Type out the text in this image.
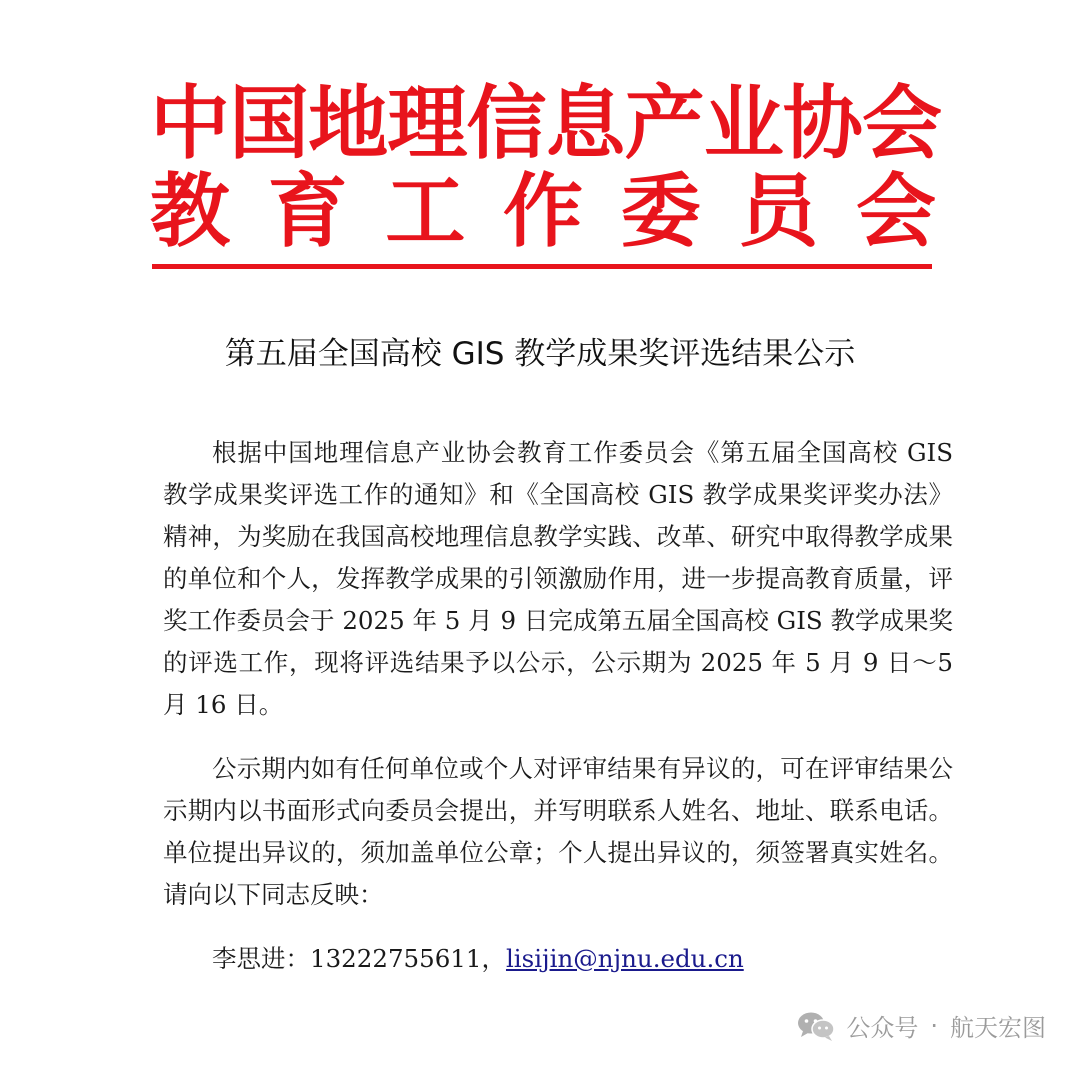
中国地理信息产业协会
教育工作委员会
第五届全国高校 GIS 教学成果奖评选结果公示

根据中国地理信息产业协会教育工作委员会《第五届全国高校 GIS 教学成果奖评选工作的通知》和《全国高校 GIS 教学成果奖评奖办法》精神，为奖励在我国高校地理信息教学实践、改革、研究中取得教学成果的单位和个人，发挥教学成果的引领激励作用，进一步提高教育质量，评奖工作委员会于 2025 年 5 月 9 日完成第五届全国高校 GIS 教学成果奖的评选工作，现将评选结果予以公示，公示期为 2025 年 5 月 9 日～5 月 16 日。

公示期内如有任何单位或个人对评审结果有异议的，可在评审结果公示期内以书面形式向委员会提出，并写明联系人姓名、地址、联系电话。单位提出异议的，须加盖单位公章；个人提出异议的，须签署真实姓名。请向以下同志反映：

李思进：13222755611，lisijin@njnu.edu.cn

公众号 · 航天宏图
